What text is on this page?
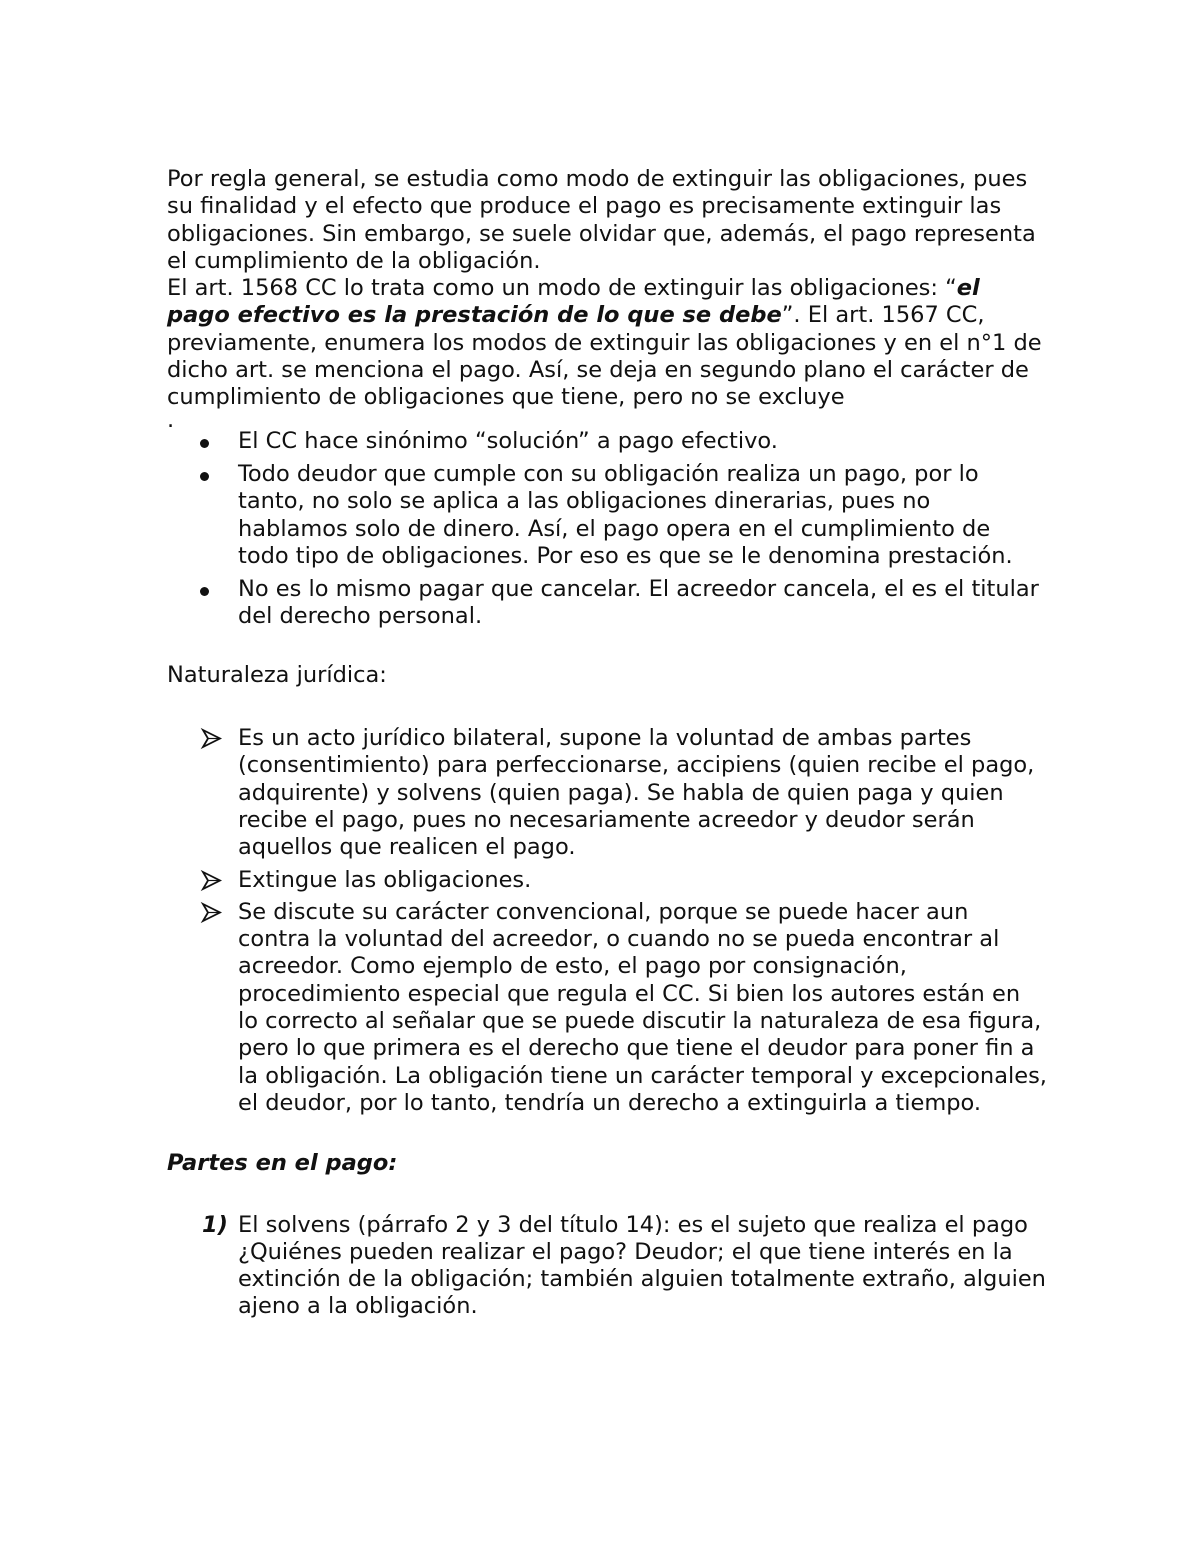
Por regla general, se estudia como modo de extinguir las obligaciones, pues su finalidad y el efecto que produce el pago es precisamente extinguir las obligaciones. Sin embargo, se suele olvidar que, además, el pago representa el cumplimiento de la obligación.

El art. 1568 CC lo trata como un modo de extinguir las obligaciones: “el pago efectivo es la prestación de lo que se debe”. El art. 1567 CC, previamente, enumera los modos de extinguir las obligaciones y en el n°1 de dicho art. se menciona el pago. Así, se deja en segundo plano el carácter de cumplimiento de obligaciones que tiene, pero no se excluye

.

El CC hace sinónimo “solución” a pago efectivo.
Todo deudor que cumple con su obligación realiza un pago, por lo tanto, no solo se aplica a las obligaciones dinerarias, pues no hablamos solo de dinero. Así, el pago opera en el cumplimiento de todo tipo de obligaciones. Por eso es que se le denomina prestación.
No es lo mismo pagar que cancelar. El acreedor cancela, el es el titular del derecho personal.

Naturaleza jurídica:

Es un acto jurídico bilateral, supone la voluntad de ambas partes (consentimiento) para perfeccionarse, accipiens (quien recibe el pago, adquirente) y solvens (quien paga). Se habla de quien paga y quien recibe el pago, pues no necesariamente acreedor y deudor serán aquellos que realicen el pago.
Extingue las obligaciones.
Se discute su carácter convencional, porque se puede hacer aun contra la voluntad del acreedor, o cuando no se pueda encontrar al acreedor. Como ejemplo de esto, el pago por consignación, procedimiento especial que regula el CC. Si bien los autores están en lo correcto al señalar que se puede discutir la naturaleza de esa figura, pero lo que primera es el derecho que tiene el deudor para poner fin a la obligación. La obligación tiene un carácter temporal y excepcionales, el deudor, por lo tanto, tendría un derecho a extinguirla a tiempo.

Partes en el pago:

1) El solvens (párrafo 2 y 3 del título 14): es el sujeto que realiza el pago ¿Quiénes pueden realizar el pago? Deudor; el que tiene interés en la extinción de la obligación; también alguien totalmente extraño, alguien ajeno a la obligación.
